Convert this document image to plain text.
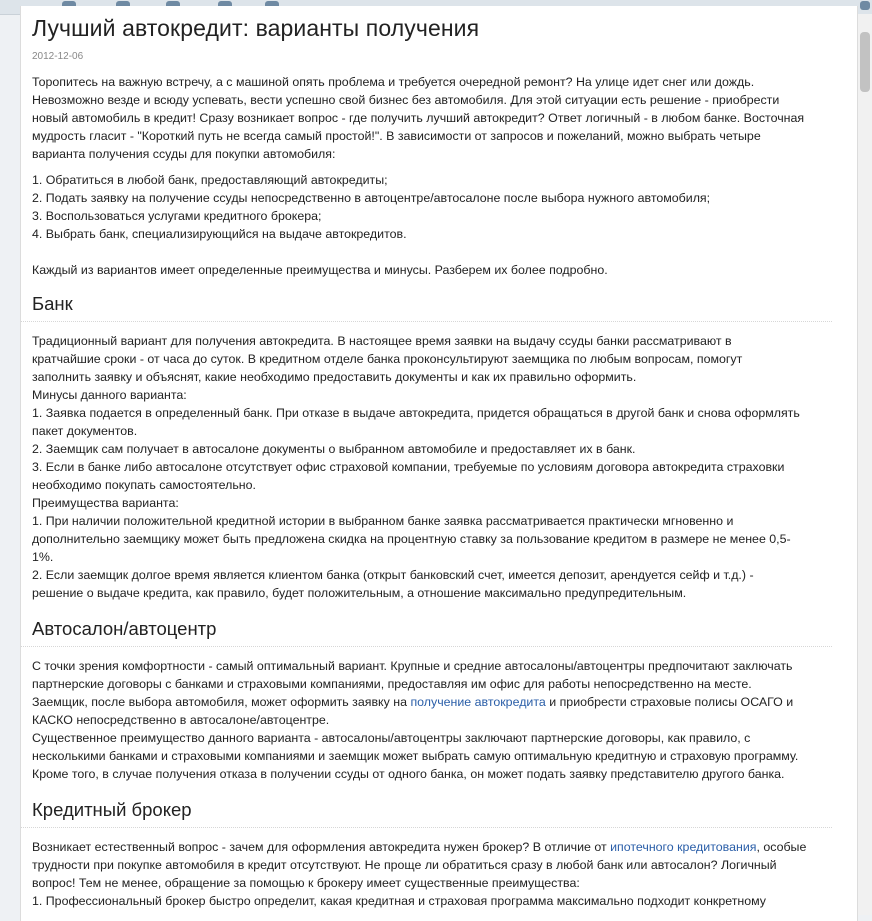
Лучший автокредит: варианты получения
2012-12-06
Торопитесь на важную встречу, а с машиной опять проблема и требуется очередной ремонт? На улице идет снег или дождь.
Невозможно везде и всюду успевать, вести успешно свой бизнес без автомобиля. Для этой ситуации есть решение - приобрести
новый автомобиль в кредит! Сразу возникает вопрос - где получить лучший автокредит? Ответ логичный - в любом банке. Восточная
мудрость гласит - "Короткий путь не всегда самый простой!". В зависимости от запросов и пожеланий, можно выбрать четыре
варианта получения ссуды для покупки автомобиля:
1. Обратиться в любой банк, предоставляющий автокредиты;
2. Подать заявку на получение ссуды непосредственно в автоцентре/автосалоне после выбора нужного автомобиля;
3. Воспользоваться услугами кредитного брокера;
4. Выбрать банк, специализирующийся на выдаче автокредитов.
Каждый из вариантов имеет определенные преимущества и минусы. Разберем их более подробно.
Банк
Традиционный вариант для получения автокредита. В настоящее время заявки на выдачу ссуды банки рассматривают в
кратчайшие сроки - от часа до суток. В кредитном отделе банка проконсультируют заемщика по любым вопросам, помогут
заполнить заявку и объяснят, какие необходимо предоставить документы и как их правильно оформить.
Минусы данного варианта:
1. Заявка подается в определенный банк. При отказе в выдаче автокредита, придется обращаться в другой банк и снова оформлять
пакет документов.
2. Заемщик сам получает в автосалоне документы о выбранном автомобиле и предоставляет их в банк.
3. Если в банке либо автосалоне отсутствует офис страховой компании, требуемые по условиям договора автокредита страховки
необходимо покупать самостоятельно.
Преимущества варианта:
1. При наличии положительной кредитной истории в выбранном банке заявка рассматривается практически мгновенно и
дополнительно заемщику может быть предложена скидка на процентную ставку за пользование кредитом в размере не менее 0,5-
1%.
2. Если заемщик долгое время является клиентом банка (открыт банковский счет, имеется депозит, арендуется сейф и т.д.) -
решение о выдаче кредита, как правило, будет положительным, а отношение максимально предупредительным.
Автосалон/автоцентр
С точки зрения комфортности - самый оптимальный вариант. Крупные и средние автосалоны/автоцентры предпочитают заключать
партнерские договоры с банками и страховыми компаниями, предоставляя им офис для работы непосредственно на месте.
Заемщик, после выбора автомобиля, может оформить заявку на получение автокредита и приобрести страховые полисы ОСАГО и
КАСКО непосредственно в автосалоне/автоцентре.
Существенное преимущество данного варианта - автосалоны/автоцентры заключают партнерские договоры, как правило, с
несколькими банками и страховыми компаниями и заемщик может выбрать самую оптимальную кредитную и страховую программу.
Кроме того, в случае получения отказа в получении ссуды от одного банка, он может подать заявку представителю другого банка.
Кредитный брокер
Возникает естественный вопрос - зачем для оформления автокредита нужен брокер? В отличие от ипотечного кредитования, особые
трудности при покупке автомобиля в кредит отсутствуют. Не проще ли обратиться сразу в любой банк или автосалон? Логичный
вопрос! Тем не менее, обращение за помощью к брокеру имеет существенные преимущества:
1. Профессиональный брокер быстро определит, какая кредитная и страховая программа максимально подходит конкретному
